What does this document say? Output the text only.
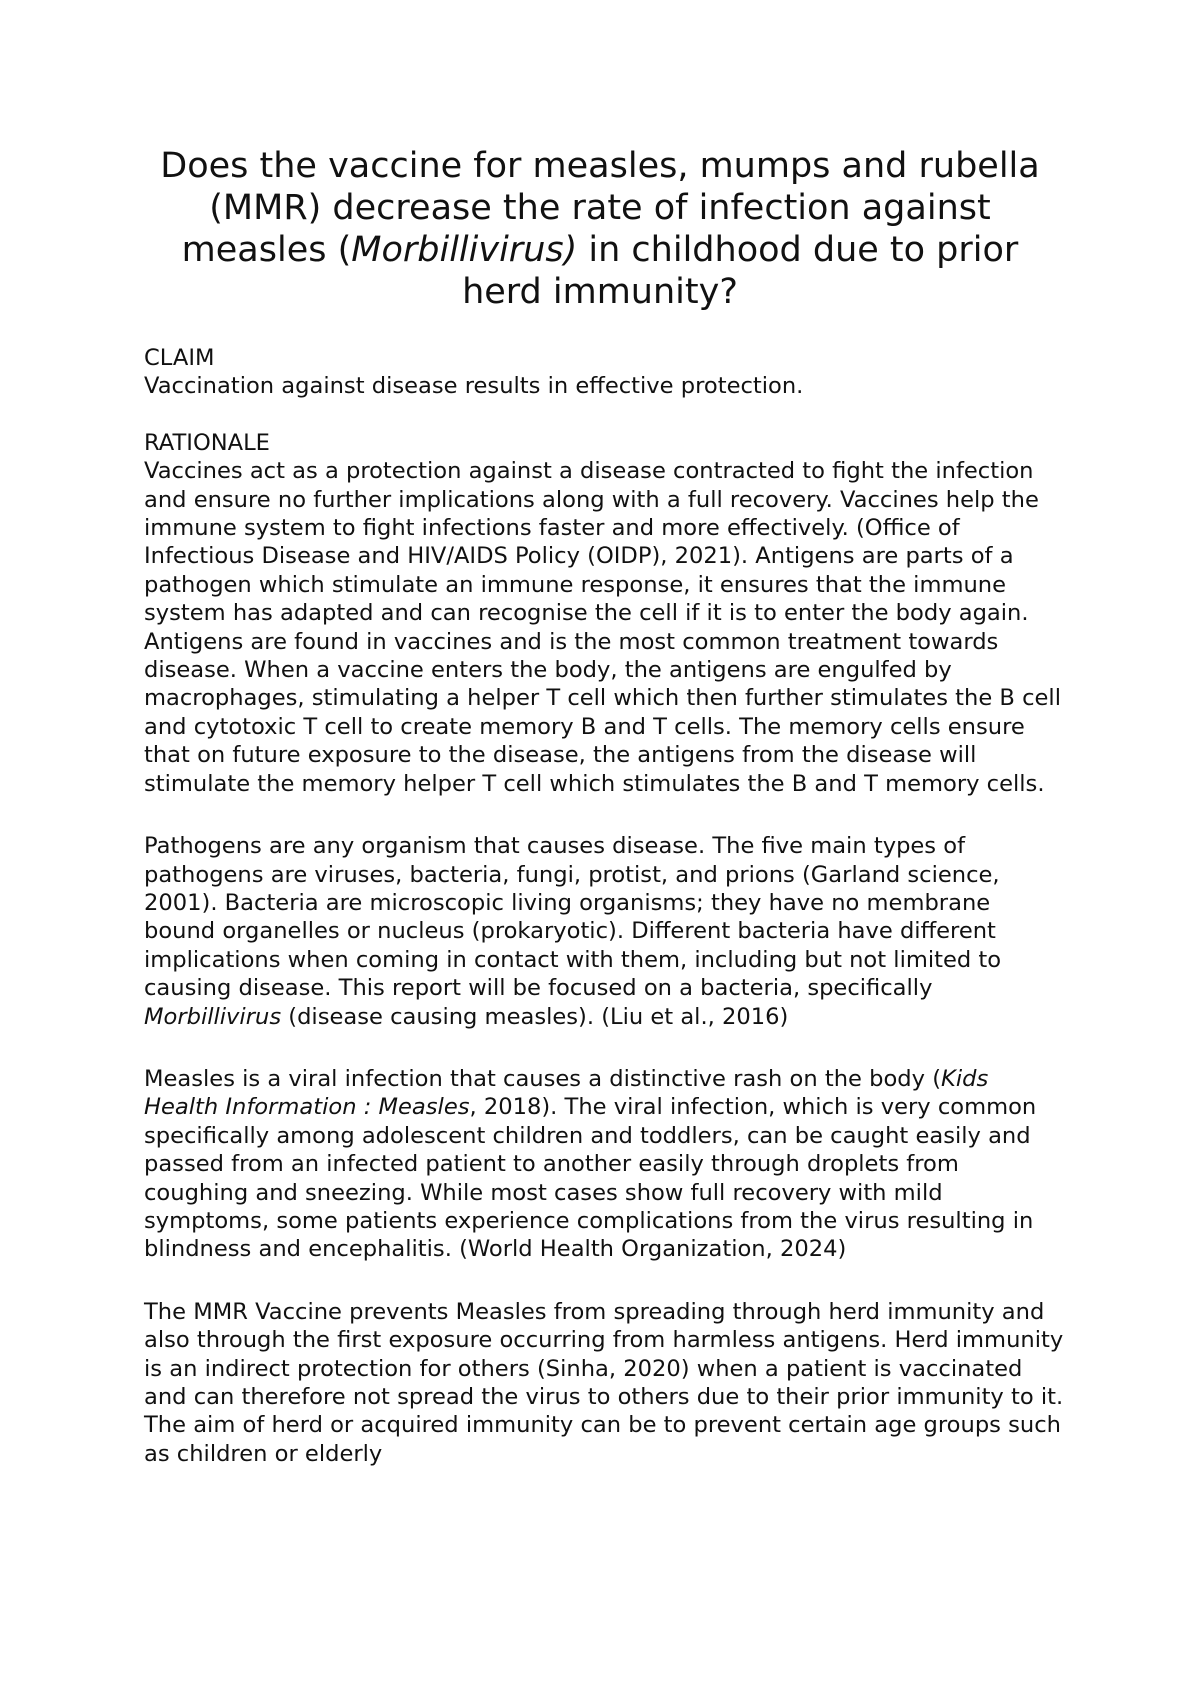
Does the vaccine for measles, mumps and rubella (MMR) decrease the rate of infection against measles (Morbillivirus) in childhood due to prior herd immunity?

CLAIM

Vaccination against disease results in effective protection.

RATIONALE

Vaccines act as a protection against a disease contracted to fight the infection and ensure no further implications along with a full recovery. Vaccines help the immune system to fight infections faster and more effectively. (Office of Infectious Disease and HIV/AIDS Policy (OIDP), 2021). Antigens are parts of a pathogen which stimulate an immune response, it ensures that the immune system has adapted and can recognise the cell if it is to enter the body again. Antigens are found in vaccines and is the most common treatment towards disease. When a vaccine enters the body, the antigens are engulfed by macrophages, stimulating a helper T cell which then further stimulates the B cell and cytotoxic T cell to create memory B and T cells. The memory cells ensure that on future exposure to the disease, the antigens from the disease will stimulate the memory helper T cell which stimulates the B and T memory cells.

Pathogens are any organism that causes disease. The five main types of pathogens are viruses, bacteria, fungi, protist, and prions (Garland science, 2001). Bacteria are microscopic living organisms; they have no membrane bound organelles or nucleus (prokaryotic). Different bacteria have different implications when coming in contact with them, including but not limited to causing disease. This report will be focused on a bacteria, specifically Morbillivirus (disease causing measles). (Liu et al., 2016)

Measles is a viral infection that causes a distinctive rash on the body (Kids Health Information : Measles, 2018). The viral infection, which is very common specifically among adolescent children and toddlers, can be caught easily and passed from an infected patient to another easily through droplets from coughing and sneezing. While most cases show full recovery with mild symptoms, some patients experience complications from the virus resulting in blindness and encephalitis. (World Health Organization, 2024)

The MMR Vaccine prevents Measles from spreading through herd immunity and also through the first exposure occurring from harmless antigens. Herd immunity is an indirect protection for others (Sinha, 2020) when a patient is vaccinated and can therefore not spread the virus to others due to their prior immunity to it. The aim of herd or acquired immunity can be to prevent certain age groups such as children or elderly
